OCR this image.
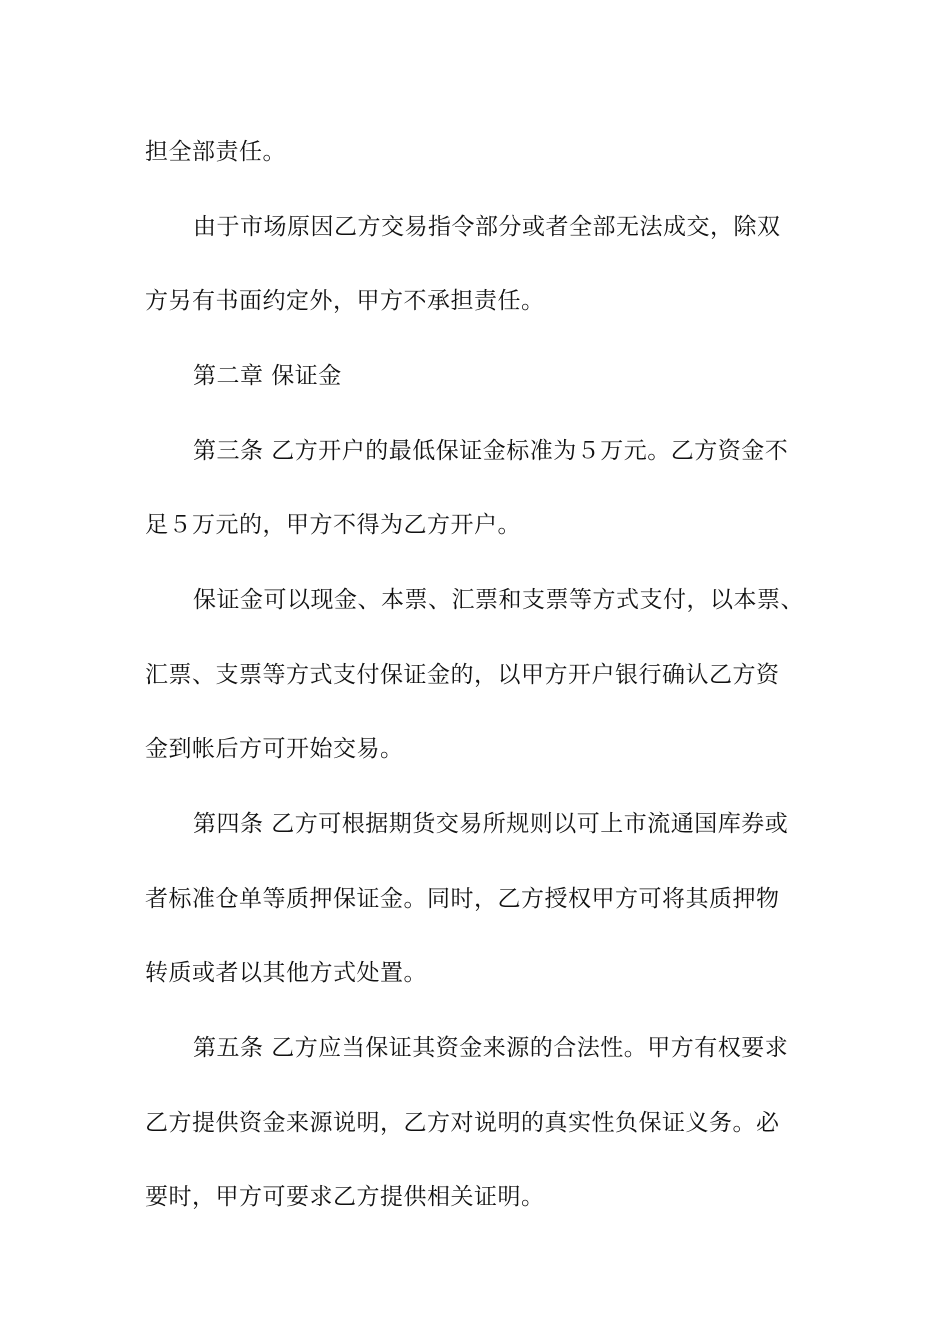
担全部责任。
由于市场原因乙方交易指令部分或者全部无法成交，除双
方另有书面约定外，甲方不承担责任。
第二章 保证金
第三条 乙方开户的最低保证金标准为５万元。乙方资金不
足５万元的，甲方不得为乙方开户。
保证金可以现金、本票、汇票和支票等方式支付，以本票、
汇票、支票等方式支付保证金的，以甲方开户银行确认乙方资
金到帐后方可开始交易。
第四条 乙方可根据期货交易所规则以可上市流通国库券或
者标准仓单等质押保证金。同时，乙方授权甲方可将其质押物
转质或者以其他方式处置。
第五条 乙方应当保证其资金来源的合法性。甲方有权要求
乙方提供资金来源说明，乙方对说明的真实性负保证义务。必
要时，甲方可要求乙方提供相关证明。
